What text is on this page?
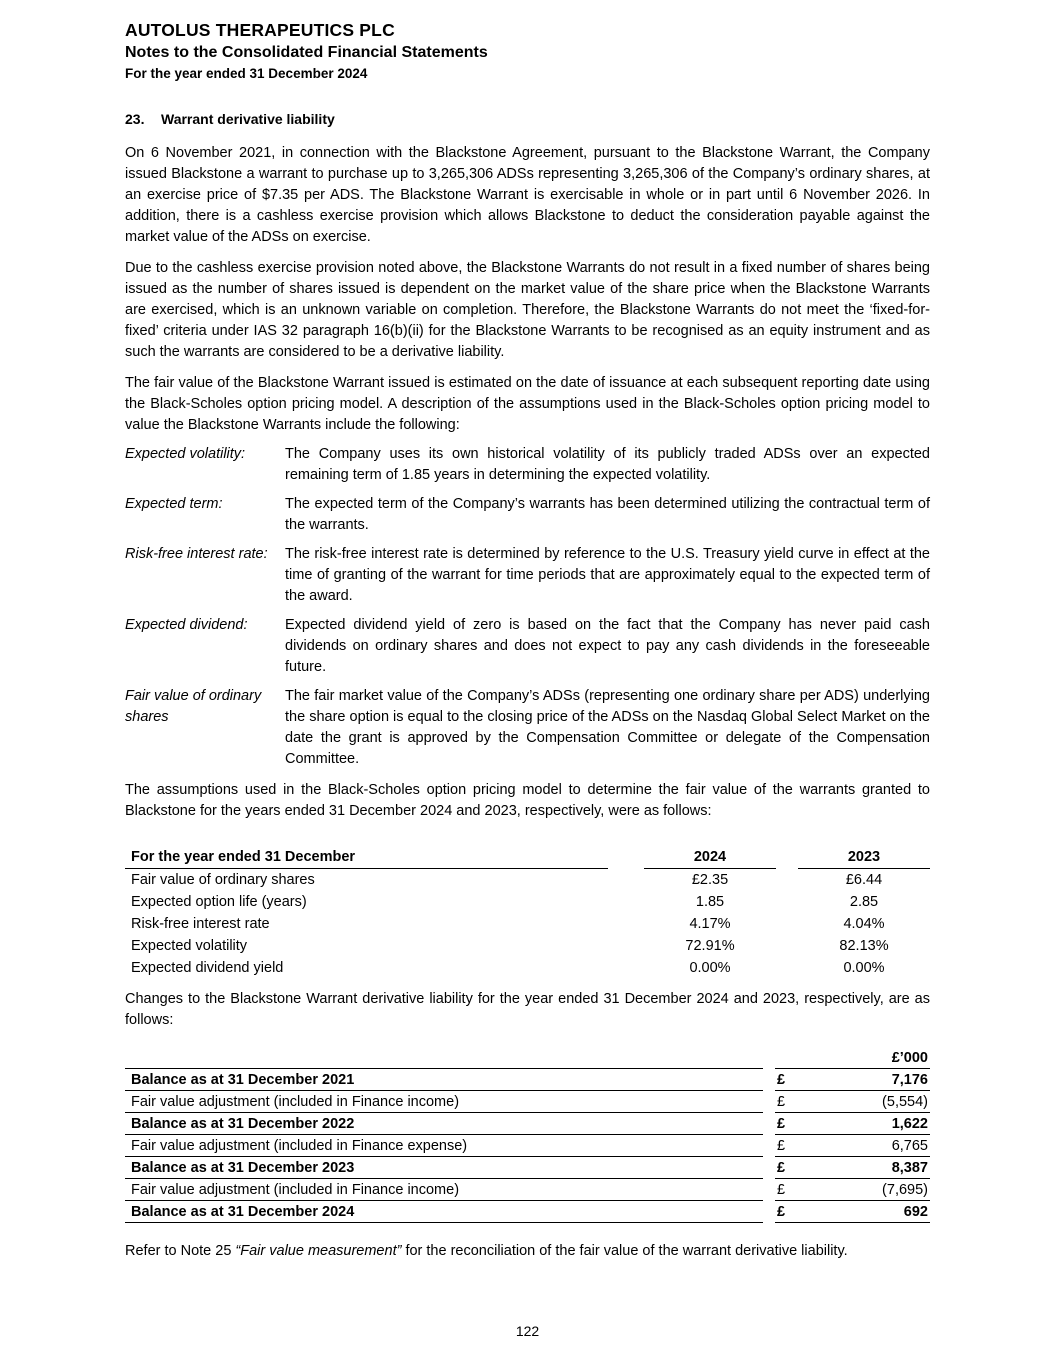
AUTOLUS THERAPEUTICS PLC
Notes to the Consolidated Financial Statements
For the year ended 31 December 2024
23. Warrant derivative liability

On 6 November 2021, in connection with the Blackstone Agreement, pursuant to the Blackstone Warrant, the Company issued Blackstone a warrant to purchase up to 3,265,306 ADSs representing 3,265,306 of the Company’s ordinary shares, at an exercise price of $7.35 per ADS. The Blackstone Warrant is exercisable in whole or in part until 6 November 2026. In addition, there is a cashless exercise provision which allows Blackstone to deduct the consideration payable against the market value of the ADSs on exercise.

Due to the cashless exercise provision noted above, the Blackstone Warrants do not result in a fixed number of shares being issued as the number of shares issued is dependent on the market value of the share price when the Blackstone Warrants are exercised, which is an unknown variable on completion. Therefore, the Blackstone Warrants do not meet the ‘fixed-for-fixed’ criteria under IAS 32 paragraph 16(b)(ii) for the Blackstone Warrants to be recognised as an equity instrument and as such the warrants are considered to be a derivative liability.

The fair value of the Blackstone Warrant issued is estimated on the date of issuance at each subsequent reporting date using the Black-Scholes option pricing model. A description of the assumptions used in the Black-Scholes option pricing model to value the Blackstone Warrants include the following:

Expected volatility:	The Company uses its own historical volatility of its publicly traded ADSs over an expected remaining term of 1.85 years in determining the expected volatility.
Expected term:	The expected term of the Company’s warrants has been determined utilizing the contractual term of the warrants.
Risk-free interest rate:	The risk-free interest rate is determined by reference to the U.S. Treasury yield curve in effect at the time of granting of the warrant for time periods that are approximately equal to the expected term of the award.
Expected dividend:	Expected dividend yield of zero is based on the fact that the Company has never paid cash dividends on ordinary shares and does not expect to pay any cash dividends in the foreseeable future.
Fair value of ordinary shares
The fair market value of the Company’s ADSs (representing one ordinary share per ADS) underlying the share option is equal to the closing price of the ADSs on the Nasdaq Global Select Market on the date the grant is approved by the Compensation Committee or delegate of the Compensation Committee.

The assumptions used in the Black-Scholes option pricing model to determine the fair value of the warrants granted to Blackstone for the years ended 31 December 2024 and 2023, respectively, were as follows:

For the year ended 31 December	2024	2023
Fair value of ordinary shares	£2.35	£6.44
Expected option life (years)	1.85	2.85
Risk-free interest rate	4.17%	4.04%
Expected volatility	72.91%	82.13%
Expected dividend yield	0.00%	0.00%

Changes to the Blackstone Warrant derivative liability for the year ended 31 December 2024 and 2023, respectively, are as follows:

£’000
Balance as at 31 December 2021	£	7,176
Fair value adjustment (included in Finance income)	£	(5,554)
Balance as at 31 December 2022	£	1,622
Fair value adjustment (included in Finance expense)	£	6,765
Balance as at 31 December 2023	£	8,387
Fair value adjustment (included in Finance income)	£	(7,695)
Balance as at 31 December 2024	£	692

Refer to Note 25 “Fair value measurement” for the reconciliation of the fair value of the warrant derivative liability.

122
